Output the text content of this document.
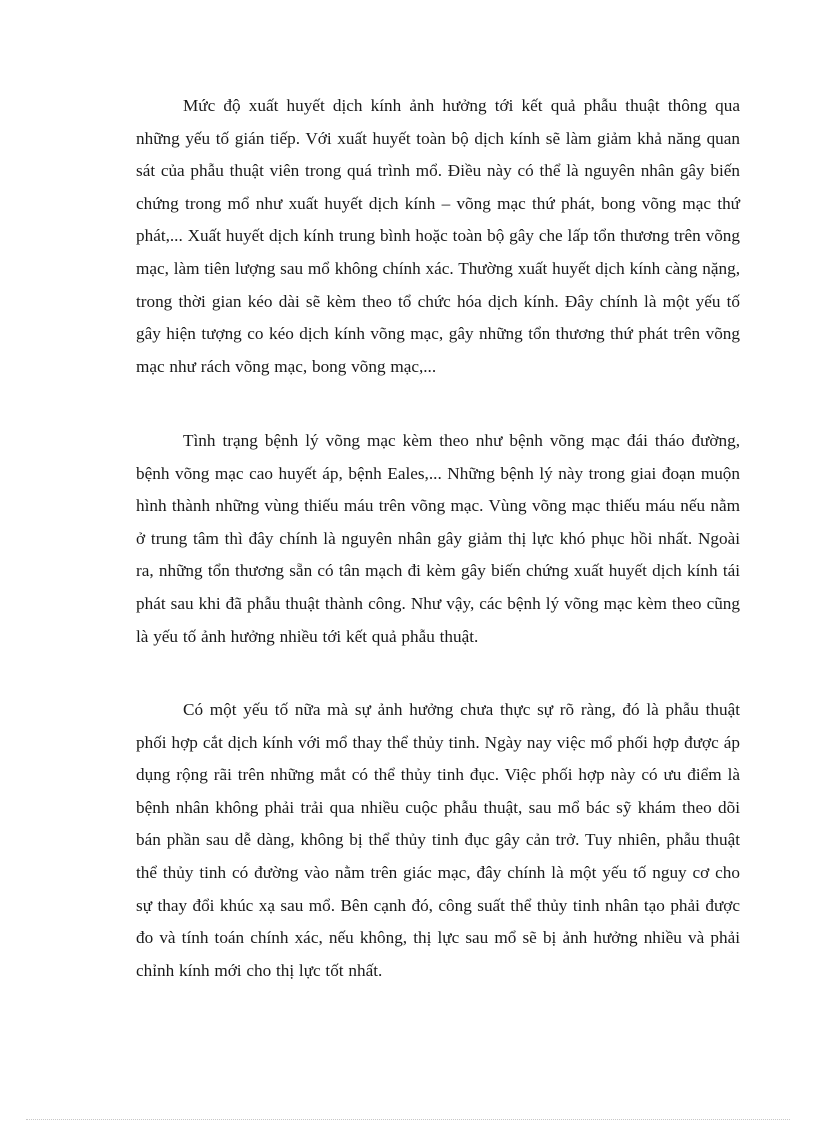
Mức độ xuất huyết dịch kính ảnh hưởng tới kết quả phẫu thuật thông qua những yếu tố gián tiếp. Với xuất huyết toàn bộ dịch kính sẽ làm giảm khả năng quan sát của phẫu thuật viên trong quá trình mổ. Điều này có thể là nguyên nhân gây biến chứng trong mổ như xuất huyết dịch kính – võng mạc thứ phát, bong võng mạc thứ phát,... Xuất huyết dịch kính trung bình hoặc toàn bộ gây che lấp tổn thương trên võng mạc, làm tiên lượng sau mổ không chính xác. Thường xuất huyết dịch kính càng nặng, trong thời gian kéo dài sẽ kèm theo tổ chức hóa dịch kính. Đây chính là một yếu tố gây hiện tượng co kéo dịch kính võng mạc, gây những tổn thương thứ phát trên võng mạc như rách võng mạc, bong võng mạc,...

Tình trạng bệnh lý võng mạc kèm theo như bệnh võng mạc đái tháo đường, bệnh võng mạc cao huyết áp, bệnh Eales,... Những bệnh lý này trong giai đoạn muộn hình thành những vùng thiếu máu trên võng mạc. Vùng võng mạc thiếu máu nếu nằm ở trung tâm thì đây chính là nguyên nhân gây giảm thị lực khó phục hồi nhất. Ngoài ra, những tổn thương sẵn có tân mạch đi kèm gây biến chứng xuất huyết dịch kính tái phát sau khi đã phẫu thuật thành công. Như vậy, các bệnh lý võng mạc kèm theo cũng là yếu tố ảnh hưởng nhiều tới kết quả phẫu thuật.

Có một yếu tố nữa mà sự ảnh hưởng chưa thực sự rõ ràng, đó là phẫu thuật phối hợp cắt dịch kính với mổ thay thể thủy tinh. Ngày nay việc mổ phối hợp được áp dụng rộng rãi trên những mắt có thể thủy tinh đục. Việc phối hợp này có ưu điểm là bệnh nhân không phải trải qua nhiều cuộc phẫu thuật, sau mổ bác sỹ khám theo dõi bán phần sau dễ dàng, không bị thể thủy tinh đục gây cản trở. Tuy nhiên, phẫu thuật thể thủy tinh có đường vào nằm trên giác mạc, đây chính là một yếu tố nguy cơ cho sự thay đổi khúc xạ sau mổ. Bên cạnh đó, công suất thể thủy tinh nhân tạo phải được đo và tính toán chính xác, nếu không, thị lực sau mổ sẽ bị ảnh hưởng nhiều và phải chỉnh kính mới cho thị lực tốt nhất.
